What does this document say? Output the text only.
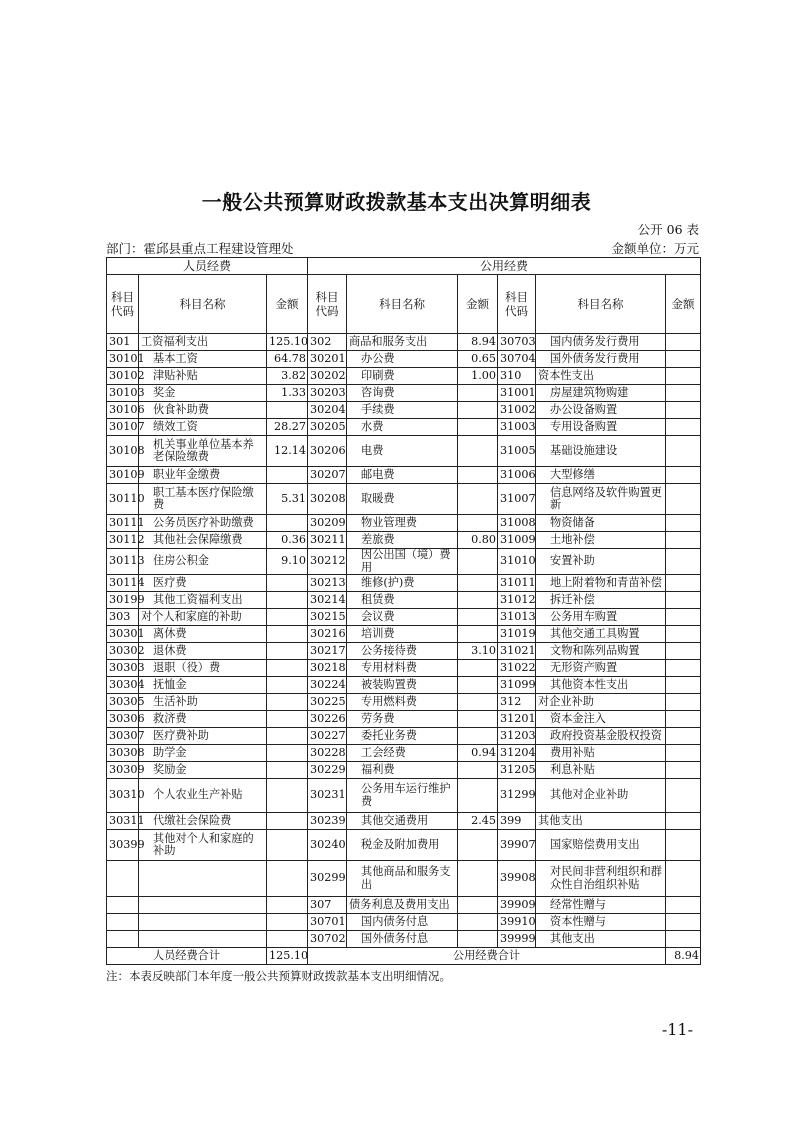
一般公共预算财政拨款基本支出决算明细表
公开 06 表
部门：霍邱县重点工程建设管理处	金额单位：万元
人员经费			公用经费					
科目代码	科目名称	金额	科目代码	科目名称	金额	科目代码	科目名称	金额
301	工资福利支出	125.10	302	商品和服务支出	8.94	30703	国内债务发行费用	
30101	基本工资	64.78	30201	办公费	0.65	30704	国外债务发行费用	
30102	津贴补贴	3.82	30202	印刷费	1.00	310	资本性支出	
30103	奖金	1.33	30203	咨询费		31001	房屋建筑物购建	
30106	伙食补助费		30204	手续费		31002	办公设备购置	
30107	绩效工资	28.27	30205	水费		31003	专用设备购置	
30108	机关事业单位基本养老保险缴费	12.14	30206	电费		31005	基础设施建设	
30109	职业年金缴费		30207	邮电费		31006	大型修缮	
30110	职工基本医疗保险缴费	5.31	30208	取暖费		31007	信息网络及软件购置更新	
30111	公务员医疗补助缴费		30209	物业管理费		31008	物资储备	
30112	其他社会保障缴费	0.36	30211	差旅费	0.80	31009	土地补偿	
30113	住房公积金	9.10	30212	因公出国（境）费用		31010	安置补助	
30114	医疗费		30213	维修(护)费		31011	地上附着物和青苗补偿	
30199	其他工资福利支出		30214	租赁费		31012	拆迁补偿	
303	对个人和家庭的补助		30215	会议费		31013	公务用车购置	
30301	离休费		30216	培训费		31019	其他交通工具购置	
30302	退休费		30217	公务接待费	3.10	31021	文物和陈列品购置	
30303	退职（役）费		30218	专用材料费		31022	无形资产购置	
30304	抚恤金		30224	被装购置费		31099	其他资本性支出	
30305	生活补助		30225	专用燃料费		312	对企业补助	
30306	救济费		30226	劳务费		31201	资本金注入	
30307	医疗费补助		30227	委托业务费		31203	政府投资基金股权投资	
30308	助学金		30228	工会经费	0.94	31204	费用补贴	
30309	奖励金		30229	福利费		31205	利息补贴	
30310	个人农业生产补贴		30231	公务用车运行维护费		31299	其他对企业补助	
30311	代缴社会保险费		30239	其他交通费用	2.45	399	其他支出	
30399	其他对个人和家庭的补助		30240	税金及附加费用		39907	国家赔偿费用支出	
			30299	其他商品和服务支出		39908	对民间非营利组织和群众性自治组织补贴	
			307	债务利息及费用支出		39909	经常性赠与	
			30701	国内债务付息		39910	资本性赠与	
			30702	国外债务付息		39999	其他支出	
人员经费合计		125.10	公用经费合计					8.94
注：本表反映部门本年度一般公共预算财政拨款基本支出明细情况。
-11-
